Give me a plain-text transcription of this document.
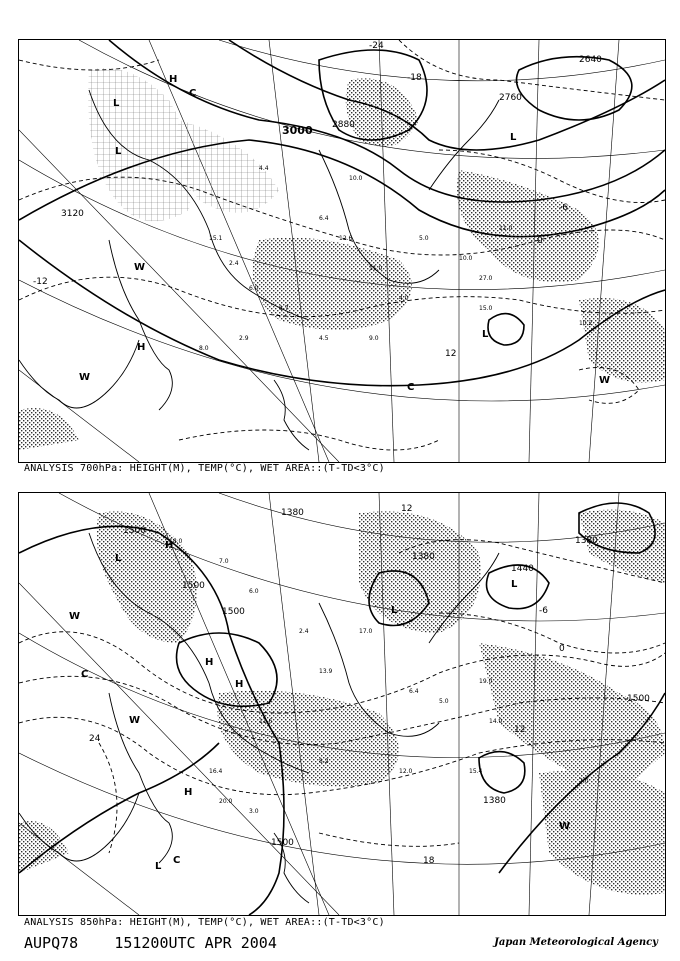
15.1
2.4
6.0
8.7
6.4
12.6
11.0
4.0
5.0
10.0
27.0
11.0
4.5	9.0
8.0
2.9
10.2
15.0
4.4
10.0
3000 2880
2760
2640
3120
-24
-18
-6
0
-12
12
H
L
L
W
H
L
L
W
C
W
C
ANALYSIS 700hPa: HEIGHT(M), TEMP(°C), WET AREA::(T-TD<3°C)
18.0
7.0
6.0
2.4
13.9
17.0
6.4
5.0
19.0
14.0
11.6
8.2
16.4
20.0
3.0
7.0
15.4
12.0
1500
1500
1500
1380
1380
1500
1380
1500
1440
1380
12
0
12
24
18
-6
H
L
W
H
L
L
W
H
C
L
H
W
C
ANALYSIS 850hPa: HEIGHT(M), TEMP(°C), WET AREA::(T-TD<3°C)
AUPQ78 151200UTC APR 2004	Japan Meteorological Agency
